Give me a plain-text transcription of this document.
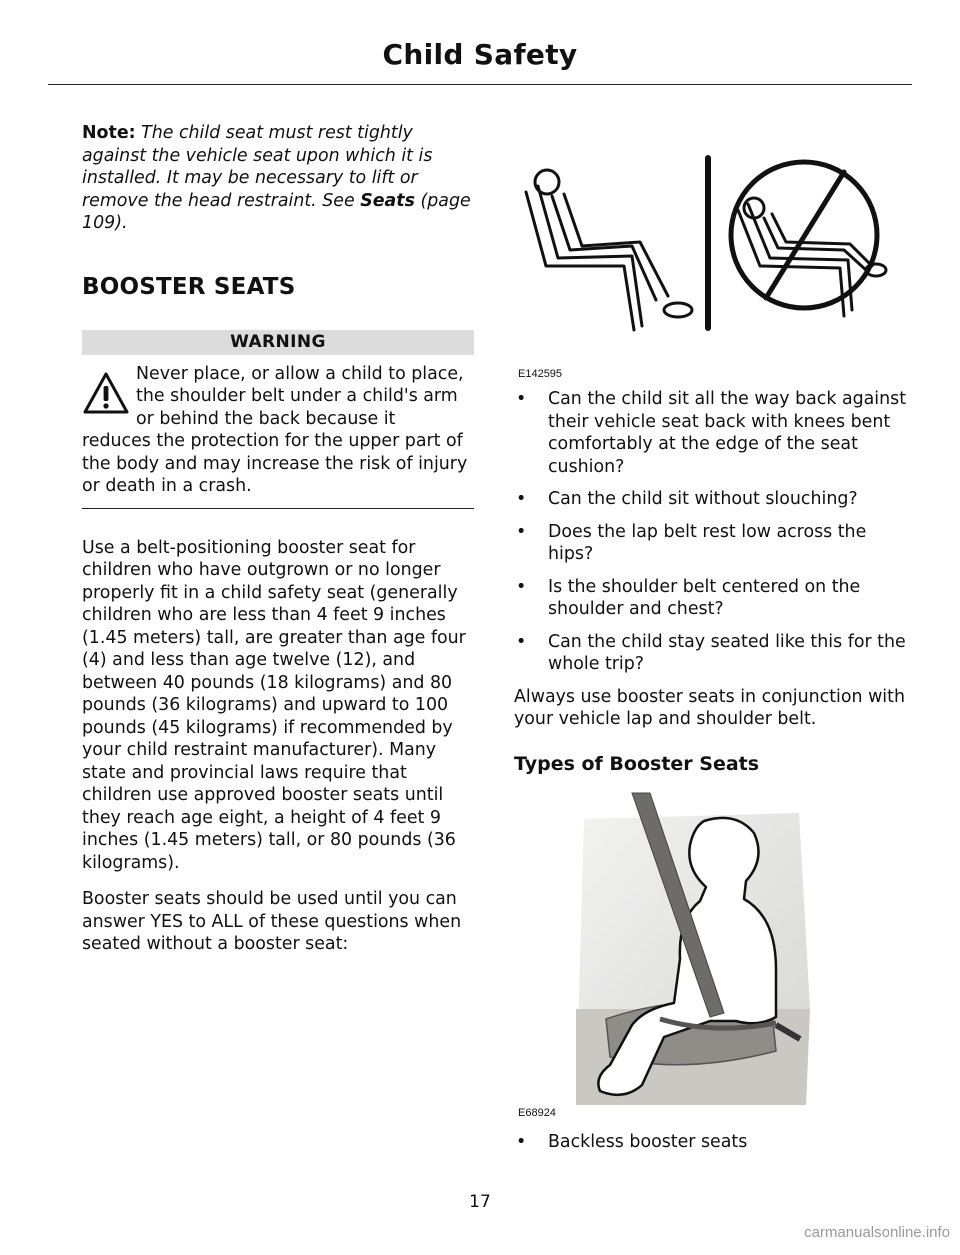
Child Safety
Note: The child seat must rest tightly against the vehicle seat upon which it is installed. It may be necessary to lift or remove the head restraint. See Seats (page 109).
BOOSTER SEATS
WARNING
Never place, or allow a child to place, the shoulder belt under a child's arm or behind the back because it
reduces the protection for the upper part of the body and may increase the risk of injury or death in a crash.
Use a belt-positioning booster seat for children who have outgrown or no longer properly fit in a child safety seat (generally children who are less than 4 feet 9 inches (1.45 meters) tall, are greater than age four (4) and less than age twelve (12), and between 40 pounds (18 kilograms) and 80 pounds (36 kilograms) and upward to 100 pounds (45 kilograms) if recommended by your child restraint manufacturer). Many state and provincial laws require that children use approved booster seats until they reach age eight, a height of 4 feet 9 inches (1.45 meters) tall, or 80 pounds (36 kilograms).
Booster seats should be used until you can answer YES to ALL of these questions when seated without a booster seat:
E142595
• Can the child sit all the way back against their vehicle seat back with knees bent comfortably at the edge of the seat cushion?
• Can the child sit without slouching?
• Does the lap belt rest low across the hips?
• Is the shoulder belt centered on the shoulder and chest?
• Can the child stay seated like this for the whole trip?
Always use booster seats in conjunction with your vehicle lap and shoulder belt.
Types of Booster Seats
E68924
• Backless booster seats
17
carmanualsonline.info
